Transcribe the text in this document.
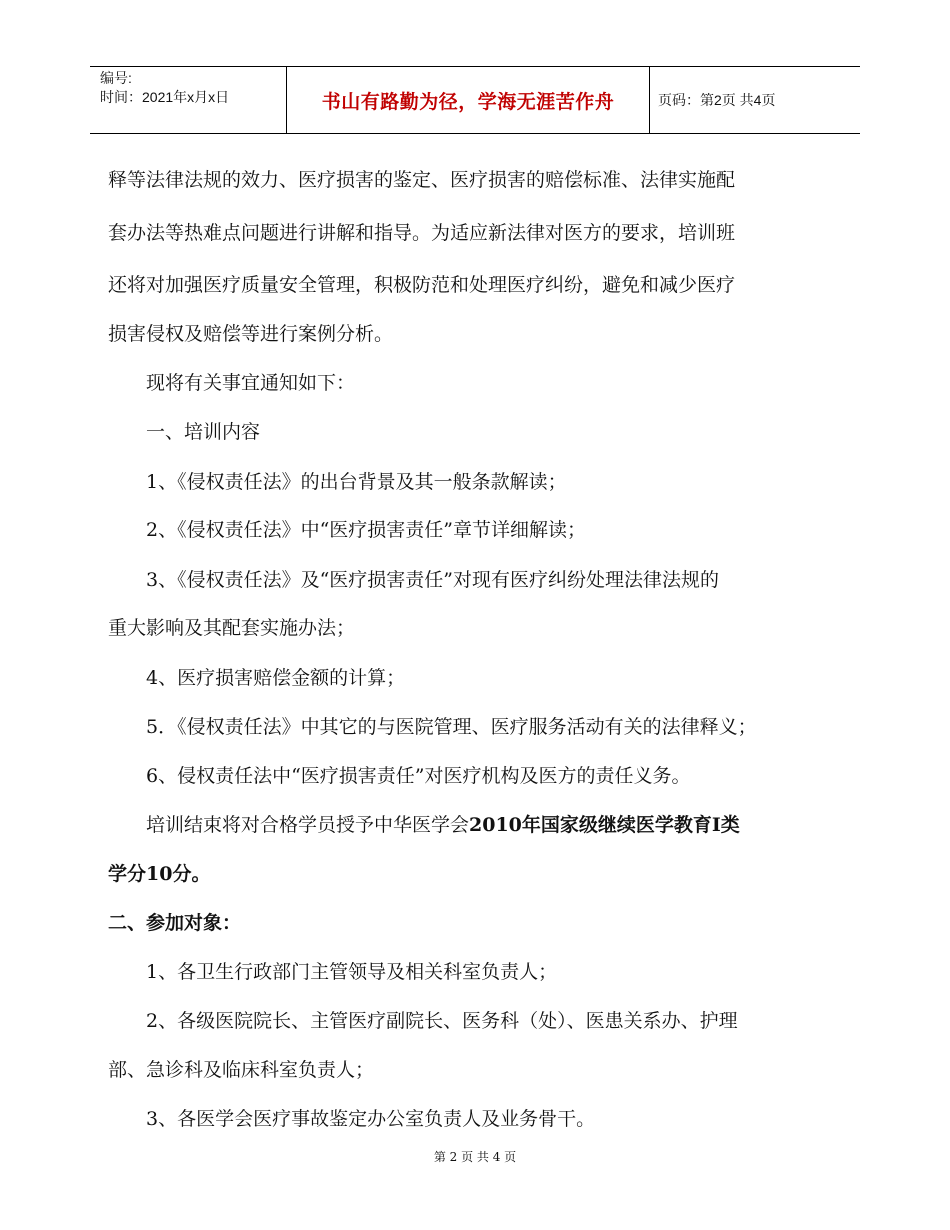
编号:
时间：2021年x月x日	书山有路勤为径，学海无涯苦作舟	页码：第2页 共4页

释等法律法规的效力、医疗损害的鉴定、医疗损害的赔偿标准、法律实施配

套办法等热难点问题进行讲解和指导。为适应新法律对医方的要求，培训班

还将对加强医疗质量安全管理，积极防范和处理医疗纠纷，避免和减少医疗

损害侵权及赔偿等进行案例分析。

现将有关事宜通知如下：

一、培训内容

1、《侵权责任法》的出台背景及其一般条款解读；

2、《侵权责任法》中“医疗损害责任”章节详细解读；

3、《侵权责任法》及“医疗损害责任”对现有医疗纠纷处理法律法规的

重大影响及其配套实施办法；

4、医疗损害赔偿金额的计算；

5．《侵权责任法》中其它的与医院管理、医疗服务活动有关的法律释义；

6、侵权责任法中“医疗损害责任”对医疗机构及医方的责任义务。

培训结束将对合格学员授予中华医学会2010年国家级继续医学教育Ⅰ类

学分10分。

二、参加对象：

1、各卫生行政部门主管领导及相关科室负责人；

2、各级医院院长、主管医疗副院长、医务科（处）、医患关系办、护理

部、急诊科及临床科室负责人；

3、各医学会医疗事故鉴定办公室负责人及业务骨干。

第 2 页 共 4 页
